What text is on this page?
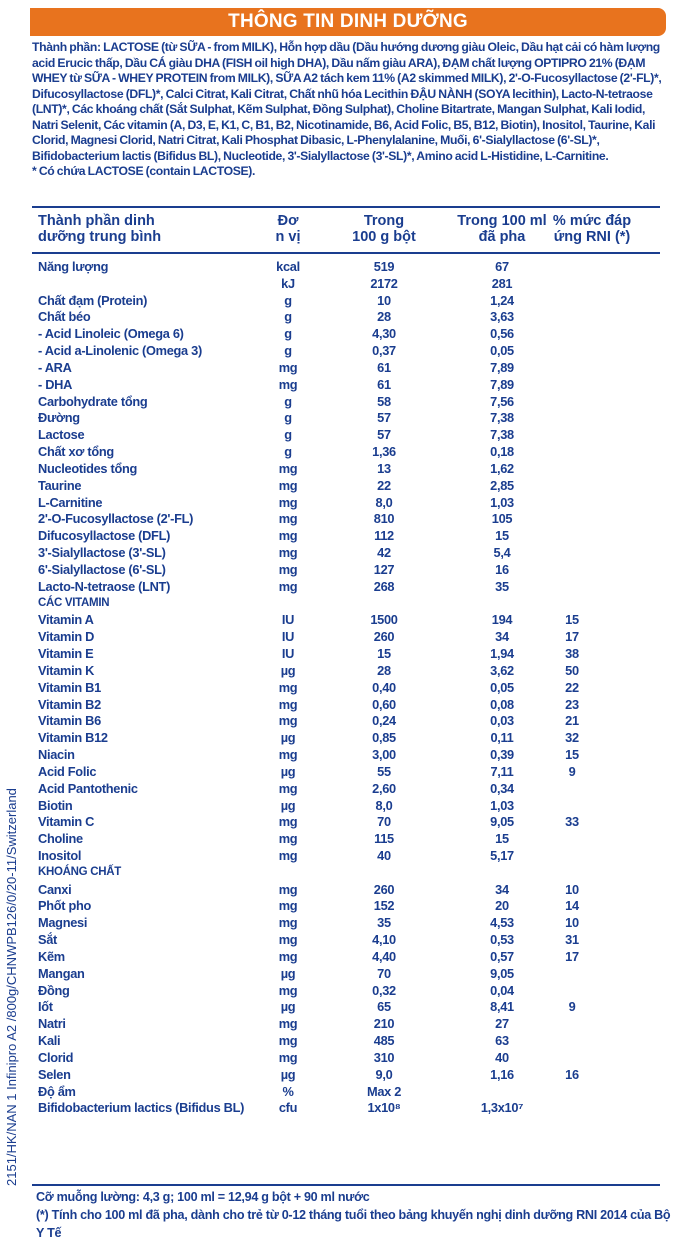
THÔNG TIN DINH DƯỠNG
2151/HK/NAN 1 Infinipro A2 /800g/CHNWPB126/0/20-11/Switzerland

Thành phần: LACTOSE (từ SỮA - from MILK), Hỗn hợp dầu (Dầu hướng dương giàu Oleic, Dầu hạt cải có hàm lượng acid Erucic thấp, Dầu CÁ giàu DHA (FISH oil high DHA), Dầu nấm giàu ARA), ĐẠM chất lượng OPTIPRO 21% (ĐẠM WHEY từ SỮA - WHEY PROTEIN from MILK), SỮA A2 tách kem 11% (A2 skimmed MILK), 2'-O-Fucosyllactose (2'-FL)*, Difucosyllactose (DFL)*, Calci Citrat, Kali Citrat, Chất nhũ hóa Lecithin ĐẬU NÀNH (SOYA lecithin), Lacto-N-tetraose (LNT)*, Các khoáng chất (Sắt Sulphat, Kẽm Sulphat, Đồng Sulphat), Choline Bitartrate, Mangan Sulphat, Kali Iodid, Natri Selenit, Các vitamin (A, D3, E, K1, C, B1, B2, Nicotinamide, B6, Acid Folic, B5, B12, Biotin), Inositol, Taurine, Kali Clorid, Magnesi Clorid, Natri Citrat, Kali Phosphat Dibasic, L-Phenylalanine, Muối, 6'-Sialyllactose (6'-SL)*, Bifidobacterium lactis (Bifidus BL), Nucleotide, 3'-Sialyllactose (3'-SL)*, Amino acid L-Histidine, L-Carnitine.

* Có chứa LACTOSE (contain LACTOSE).

Thành phần dinh
dưỡng trung bình
Đơ
n vị
Trong
100 g bột
Trong 100 ml
đã pha
% mức đáp
ứng RNI (*)
Năng lượng	kcal	519	67
kJ	2172	281
Chất đạm (Protein)	g	10	1,24
Chất béo	g	28	3,63
- Acid Linoleic (Omega 6)	g	4,30	0,56
- Acid a-Linolenic (Omega 3)	g	0,37	0,05
- ARA	mg	61	7,89
- DHA	mg	61	7,89
Carbohydrate tổng	g	58	7,56
Đường	g	57	7,38
Lactose	g	57	7,38
Chất xơ tổng	g	1,36	0,18
Nucleotides tổng	mg	13	1,62
Taurine	mg	22	2,85
L-Carnitine	mg	8,0	1,03
2'-O-Fucosyllactose (2'-FL)	mg	810	105
Difucosyllactose (DFL)	mg	112	15
3'-Sialyllactose (3'-SL)	mg	42	5,4
6'-Sialyllactose (6'-SL)	mg	127	16
Lacto-N-tetraose (LNT)	mg	268	35
CÁC VITAMIN
Vitamin A	IU	1500	194	15
Vitamin D	IU	260	34	17
Vitamin E	IU	15	1,94	38
Vitamin K	µg	28	3,62	50
Vitamin B1	mg	0,40	0,05	22
Vitamin B2	mg	0,60	0,08	23
Vitamin B6	mg	0,24	0,03	21
Vitamin B12	µg	0,85	0,11	32
Niacin	mg	3,00	0,39	15
Acid Folic	µg	55	7,11	9
Acid Pantothenic	mg	2,60	0,34
Biotin	µg	8,0	1,03
Vitamin C	mg	70	9,05	33
Choline	mg	115	15
Inositol	mg	40	5,17
KHOÁNG CHẤT
Canxi	mg	260	34	10
Phốt pho	mg	152	20	14
Magnesi	mg	35	4,53	10
Sắt	mg	4,10	0,53	31
Kẽm	mg	4,40	0,57	17
Mangan	µg	70	9,05
Đồng	mg	0,32	0,04
Iốt	µg	65	8,41	9
Natri	mg	210	27
Kali	mg	485	63
Clorid	mg	310	40
Selen	µg	9,0	1,16	16
Độ ẩm	%	Max 2
Bifidobacterium lactics (Bifidus BL)	cfu	1x10⁸	1,3x10⁷
Cỡ muỗng lường: 4,3 g; 100 ml = 12,94 g bột + 90 ml nước
(*) Tính cho 100 ml đã pha, dành cho trẻ từ 0-12 tháng tuổi theo bảng khuyến nghị dinh dưỡng RNI 2014 của Bộ Y Tế
